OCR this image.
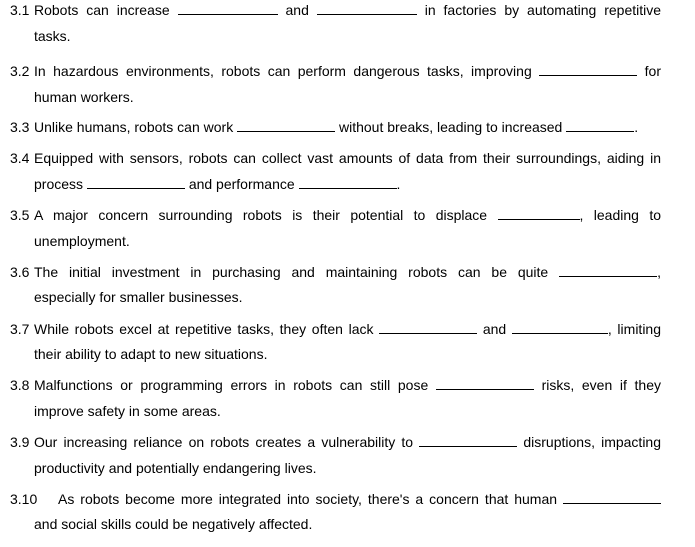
3.1 Robots can increase	and	in factories by automating repetitive
tasks.
3.2 In hazardous environments, robots can perform dangerous tasks, improving	for
human workers.
3.3 Unlike humans, robots can work	without breaks, leading to increased	.
3.4 Equipped with sensors, robots can collect vast amounts of data from their surroundings, aiding in
process	and performance	.
3.5 A major concern surrounding robots is their potential to displace	, leading to
unemployment.
3.6 The initial investment in purchasing and maintaining robots can be quite	,
especially for smaller businesses.
3.7 While robots excel at repetitive tasks, they often lack	and	, limiting
their ability to adapt to new situations.
3.8 Malfunctions or programming errors in robots can still pose	risks, even if they
improve safety in some areas.
3.9 Our increasing reliance on robots creates a vulnerability to	disruptions, impacting
productivity and potentially endangering lives.
3.10 As robots become more integrated into society, there's a concern that human
and social skills could be negatively affected.
